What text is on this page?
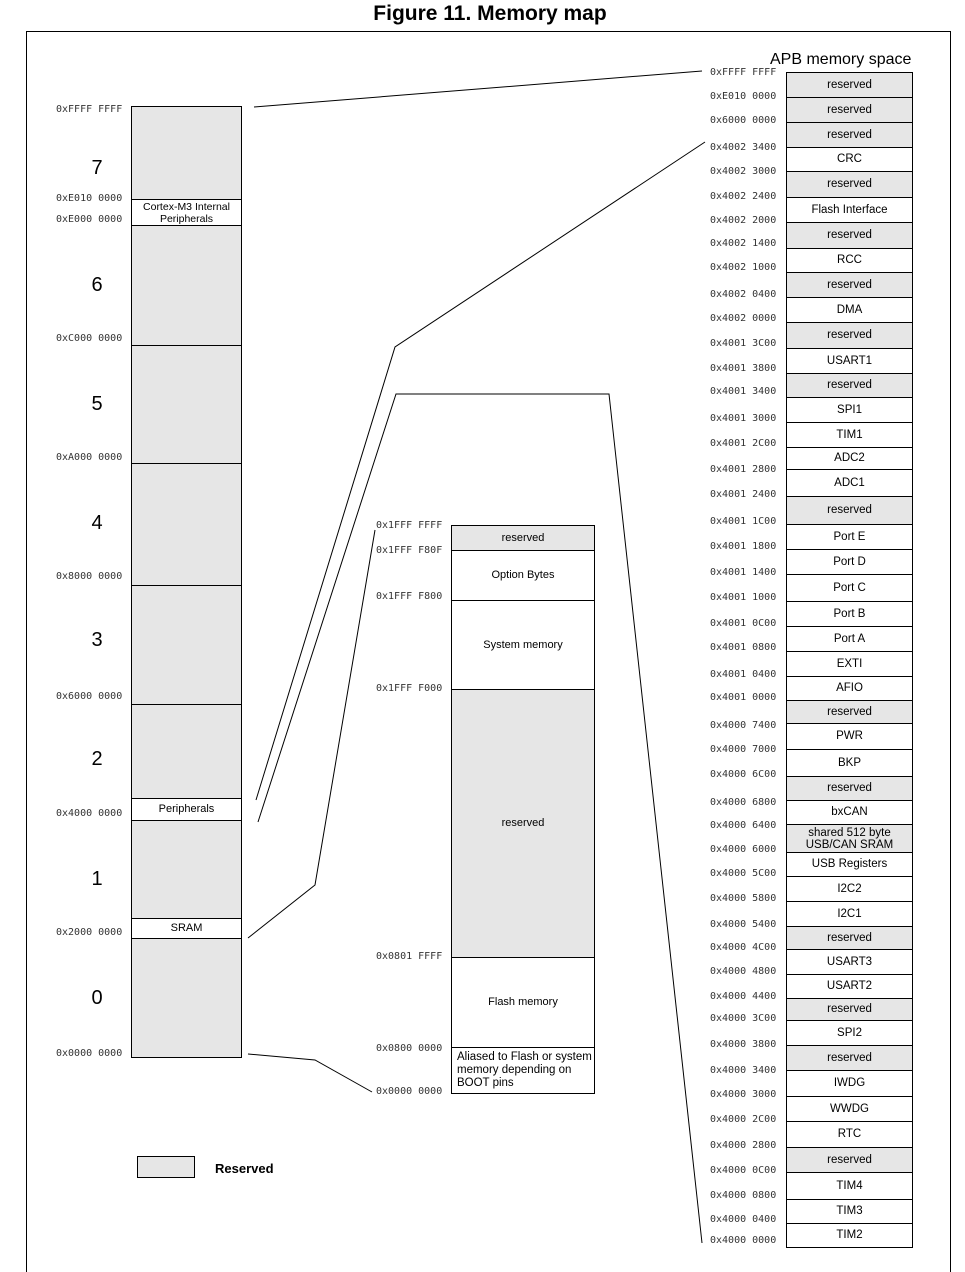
Figure 11. Memory map
0xFFFF FFFF
0xE010 0000
0xE000 0000
0xC000 0000
0xA000 0000
0x8000 0000
0x6000 0000
0x4000 0000
0x2000 0000
0x0000 0000
7
6
5
4
3
2
1
0
Cortex-M3 Internal Peripherals
Peripherals
SRAM
0x1FFF FFFF
0x1FFF F80F
0x1FFF F800
0x1FFF F000
0x0801 FFFF
0x0800 0000
0x0000 0000
reserved
Option Bytes
System memory
reserved
Flash memory
Aliased to Flash or system memory depending on BOOT pins
APB memory space
0xFFFF FFFF
0xE010 0000
0x6000 0000
0x4002 3400
0x4002 3000
0x4002 2400
0x4002 2000
0x4002 1400
0x4002 1000
0x4002 0400
0x4002 0000
0x4001 3C00
0x4001 3800
0x4001 3400
0x4001 3000
0x4001 2C00
0x4001 2800
0x4001 2400
0x4001 1C00
0x4001 1800
0x4001 1400
0x4001 1000
0x4001 0C00
0x4001 0800
0x4001 0400
0x4001 0000
0x4000 7400
0x4000 7000
0x4000 6C00
0x4000 6800
0x4000 6400
0x4000 6000
0x4000 5C00
0x4000 5800
0x4000 5400
0x4000 4C00
0x4000 4800
0x4000 4400
0x4000 3C00
0x4000 3800
0x4000 3400
0x4000 3000
0x4000 2C00
0x4000 2800
0x4000 0C00
0x4000 0800
0x4000 0400
0x4000 0000
reserved
reserved
reserved
CRC
reserved
Flash Interface
reserved
RCC
reserved
DMA
reserved
USART1
reserved
SPI1
TIM1
ADC2
ADC1
reserved
Port E
Port D
Port C
Port B
Port A
EXTI
AFIO
reserved
PWR
BKP
reserved
bxCAN
shared 512 byte USB/CAN SRAM
USB Registers
I2C2
I2C1
reserved
USART3
USART2
reserved
SPI2
reserved
IWDG
WWDG
RTC
reserved
TIM4
TIM3
TIM2
Reserved
